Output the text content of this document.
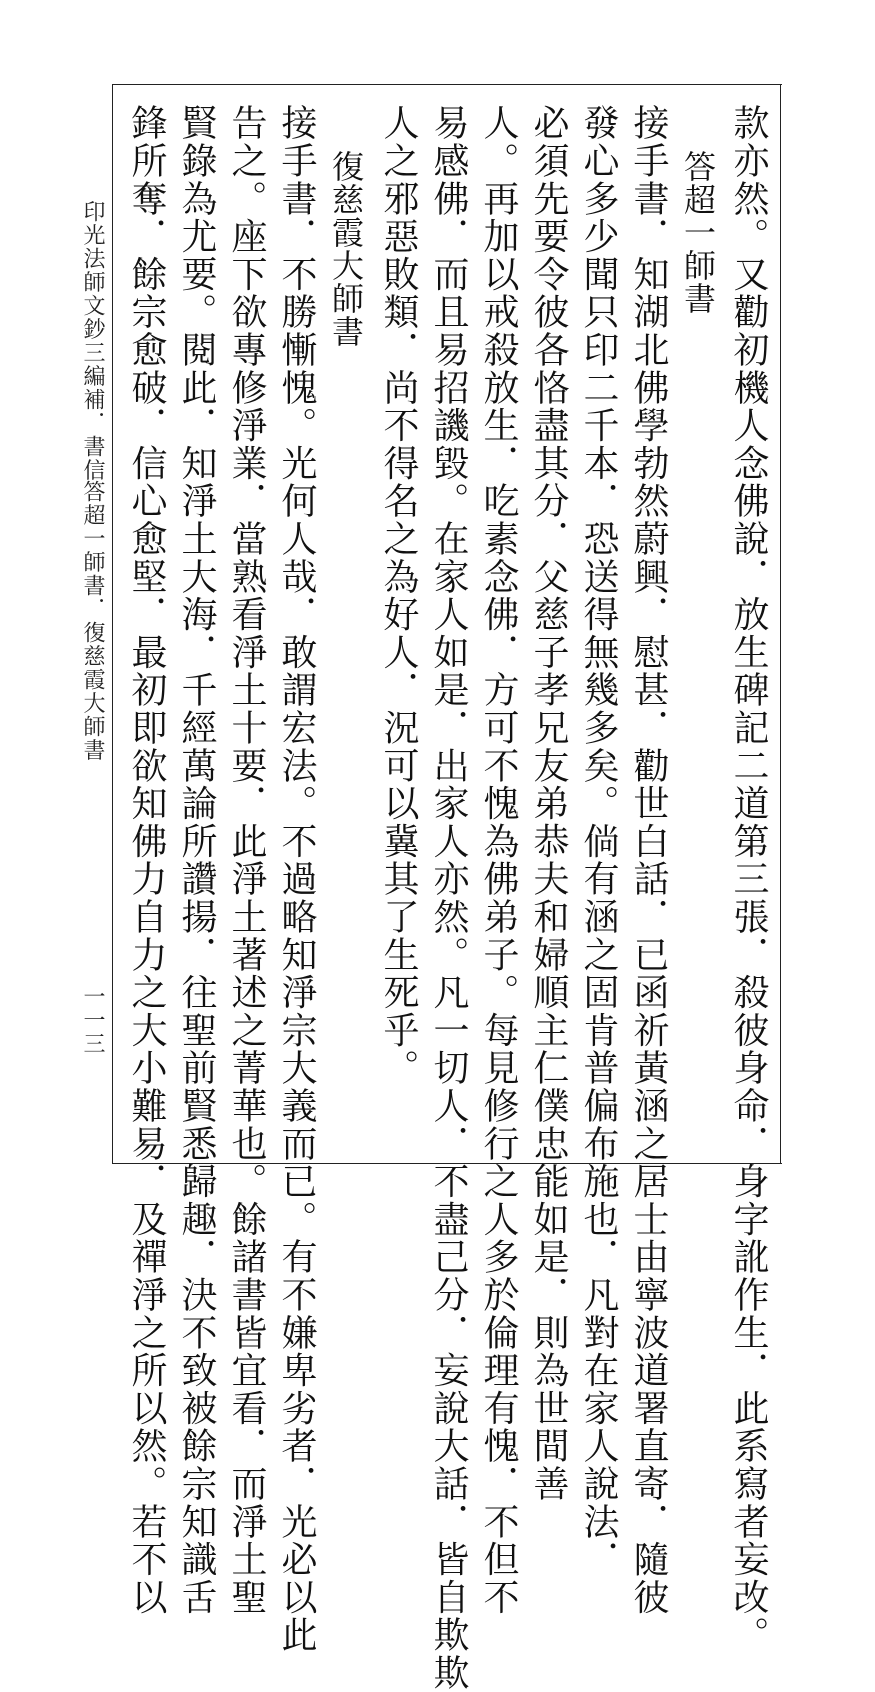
款亦然。又勸初機人念佛說．放生碑記二道第三張．殺彼身命．身字訛作生．此系寫者妄改。
答超一師書
接手書．知湖北佛學勃然蔚興．慰甚．勸世白話．已函祈黃涵之居士由寧波道署直寄．隨彼
發心多少聞只印二千本．恐送得無幾多矣。倘有涵之固肯普偏布施也．凡對在家人說法．
必須先要令彼各恪盡其分．父慈子孝兄友弟恭夫和婦順主仁僕忠能如是．則為世間善
人。再加以戒殺放生．吃素念佛．方可不愧為佛弟子。每見修行之人多於倫理有愧．不但不
易感佛．而且易招譏毀。在家人如是．出家人亦然。凡一切人．不盡己分．妄說大話．皆自欺欺
人之邪惡敗類．尚不得名之為好人．況可以冀其了生死乎。
復慈霞大師書
接手書．不勝慚愧。光何人哉．敢謂宏法。不過略知淨宗大義而已。有不嫌卑劣者．光必以此
告之。座下欲專修淨業．當熟看淨土十要．此淨土著述之菁華也。餘諸書皆宜看．而淨土聖
賢錄為尤要。閱此．知淨土大海．千經萬論所讚揚．往聖前賢悉歸趣．決不致被餘宗知識舌
鋒所奪．餘宗愈破．信心愈堅．最初即欲知佛力自力之大小難易．及禪淨之所以然。若不以
印光法師文鈔三編補．書信
答超一師書．復慈霞大師書
一一三
